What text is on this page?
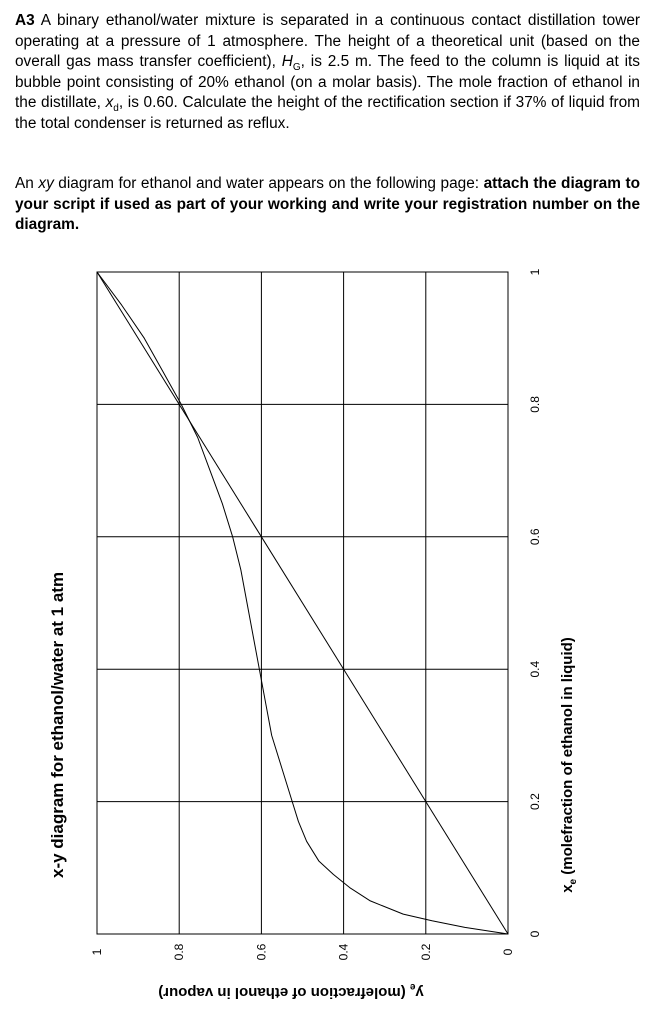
A3 A binary ethanol/water mixture is separated in a continuous contact distillation tower operating at a pressure of 1 atmosphere. The height of a theoretical unit (based on the overall gas mass transfer coefficient), $H_G$, is 2.5 m. The feed to the column is liquid at its bubble point consisting of 20% ethanol (on a molar basis). The mole fraction of ethanol in the distillate, $x_d$, is 0.60. Calculate the height of the rectification section if 37% of liquid from the total condenser is returned as reflux.

An xy diagram for ethanol and water appears on the following page: attach the diagram to your script if used as part of your working and write your registration number on the diagram.

0
0.2
0.4
0.6
0.8
1
0
0.2
0.4
0.6
0.8
1
x-y diagram for ethanol/water at 1 atm
$x_e$ (molefraction of ethanol in liquid)
$y_e$ (molefraction of ethanol in vapour)
